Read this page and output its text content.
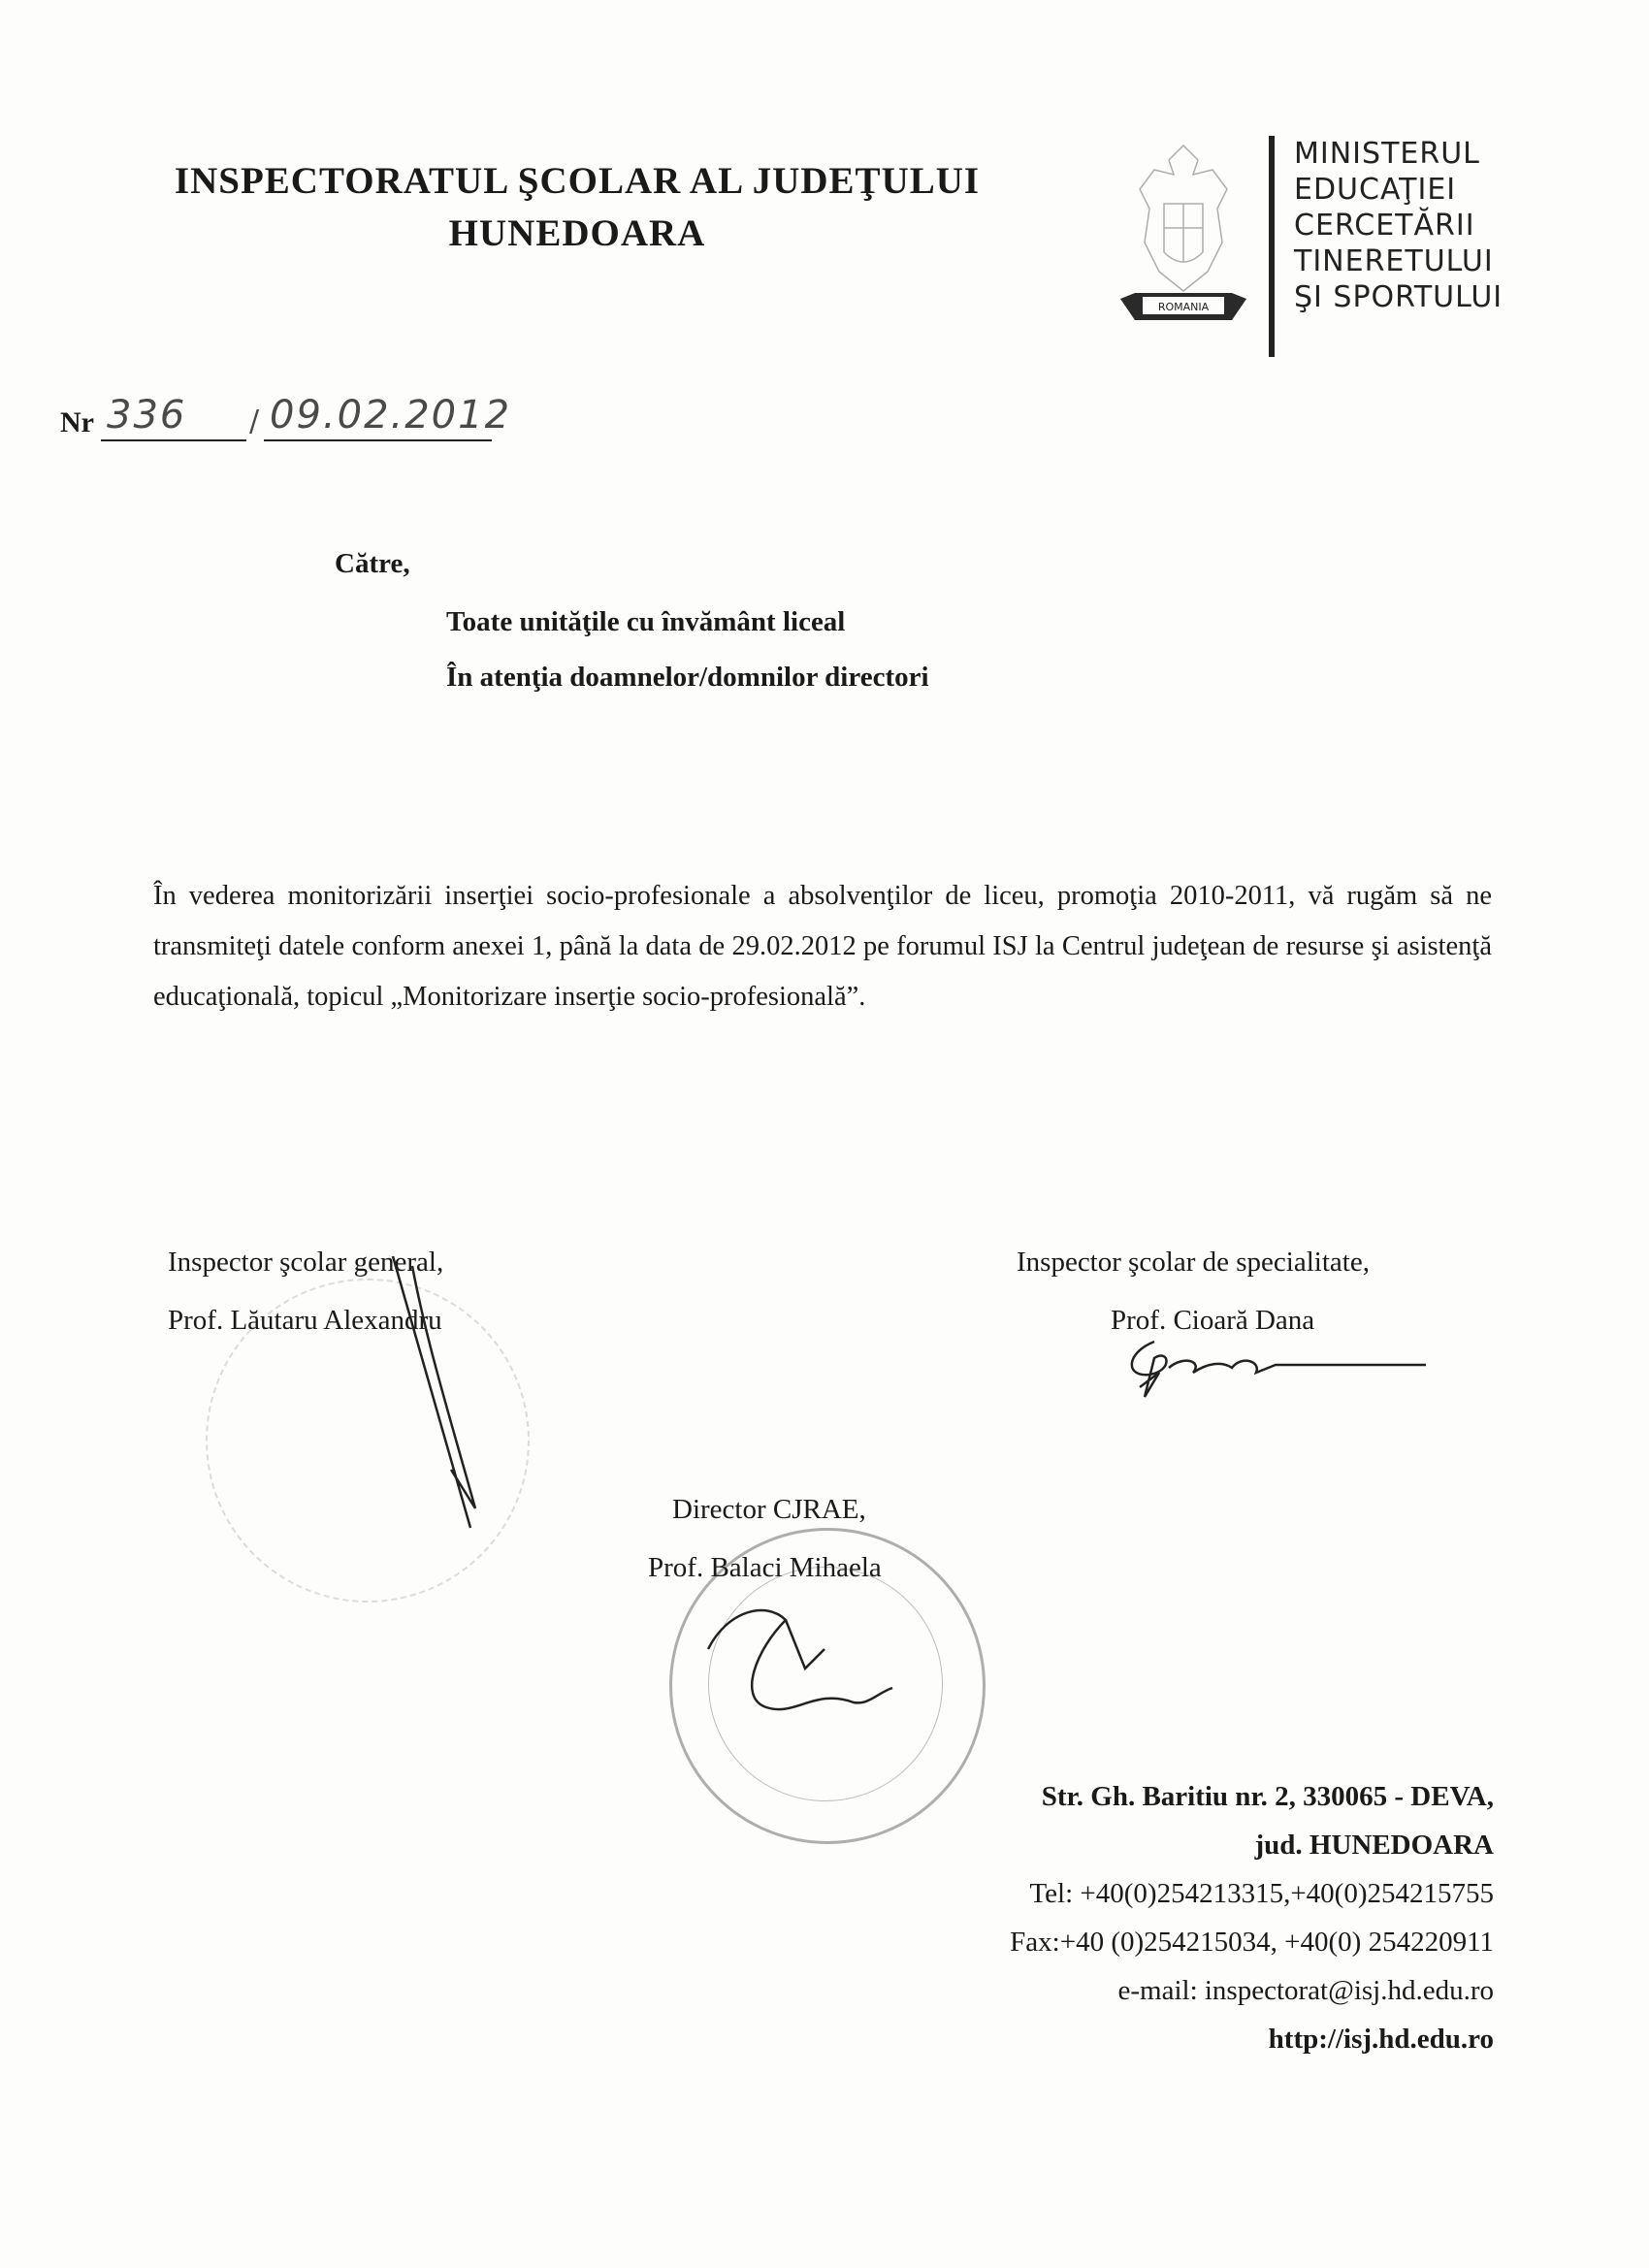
INSPECTORATUL ŞCOLAR AL JUDEŢULUI
HUNEDOARA
ROMANIA
MINISTERUL
EDUCAŢIEI
CERCETĂRII
TINERETULUI
ŞI SPORTULUI
Nr 336 / 09.02.2012
Către,
Toate unităţile cu învământ liceal
În atenţia doamnelor/domnilor directori
În vederea monitorizării inserţiei socio-profesionale a absolvenţilor de liceu, promoţia 2010-2011, vă rugăm să ne transmiteţi datele conform anexei 1, până la data de 29.02.2012 pe forumul ISJ la Centrul judeţean de resurse şi asistenţă educaţională, topicul „Monitorizare inserţie socio-profesională”.
Inspector şcolar general,
Prof. Lăutaru Alexandru
Inspector şcolar de specialitate,
Prof. Cioară Dana
Director CJRAE,
Prof. Balaci Mihaela
Str. Gh. Baritiu nr. 2, 330065 - DEVA,
jud. HUNEDOARA
Tel: +40(0)254213315,+40(0)254215755
Fax:+40 (0)254215034, +40(0) 254220911
e-mail: inspectorat@isj.hd.edu.ro
http://isj.hd.edu.ro
